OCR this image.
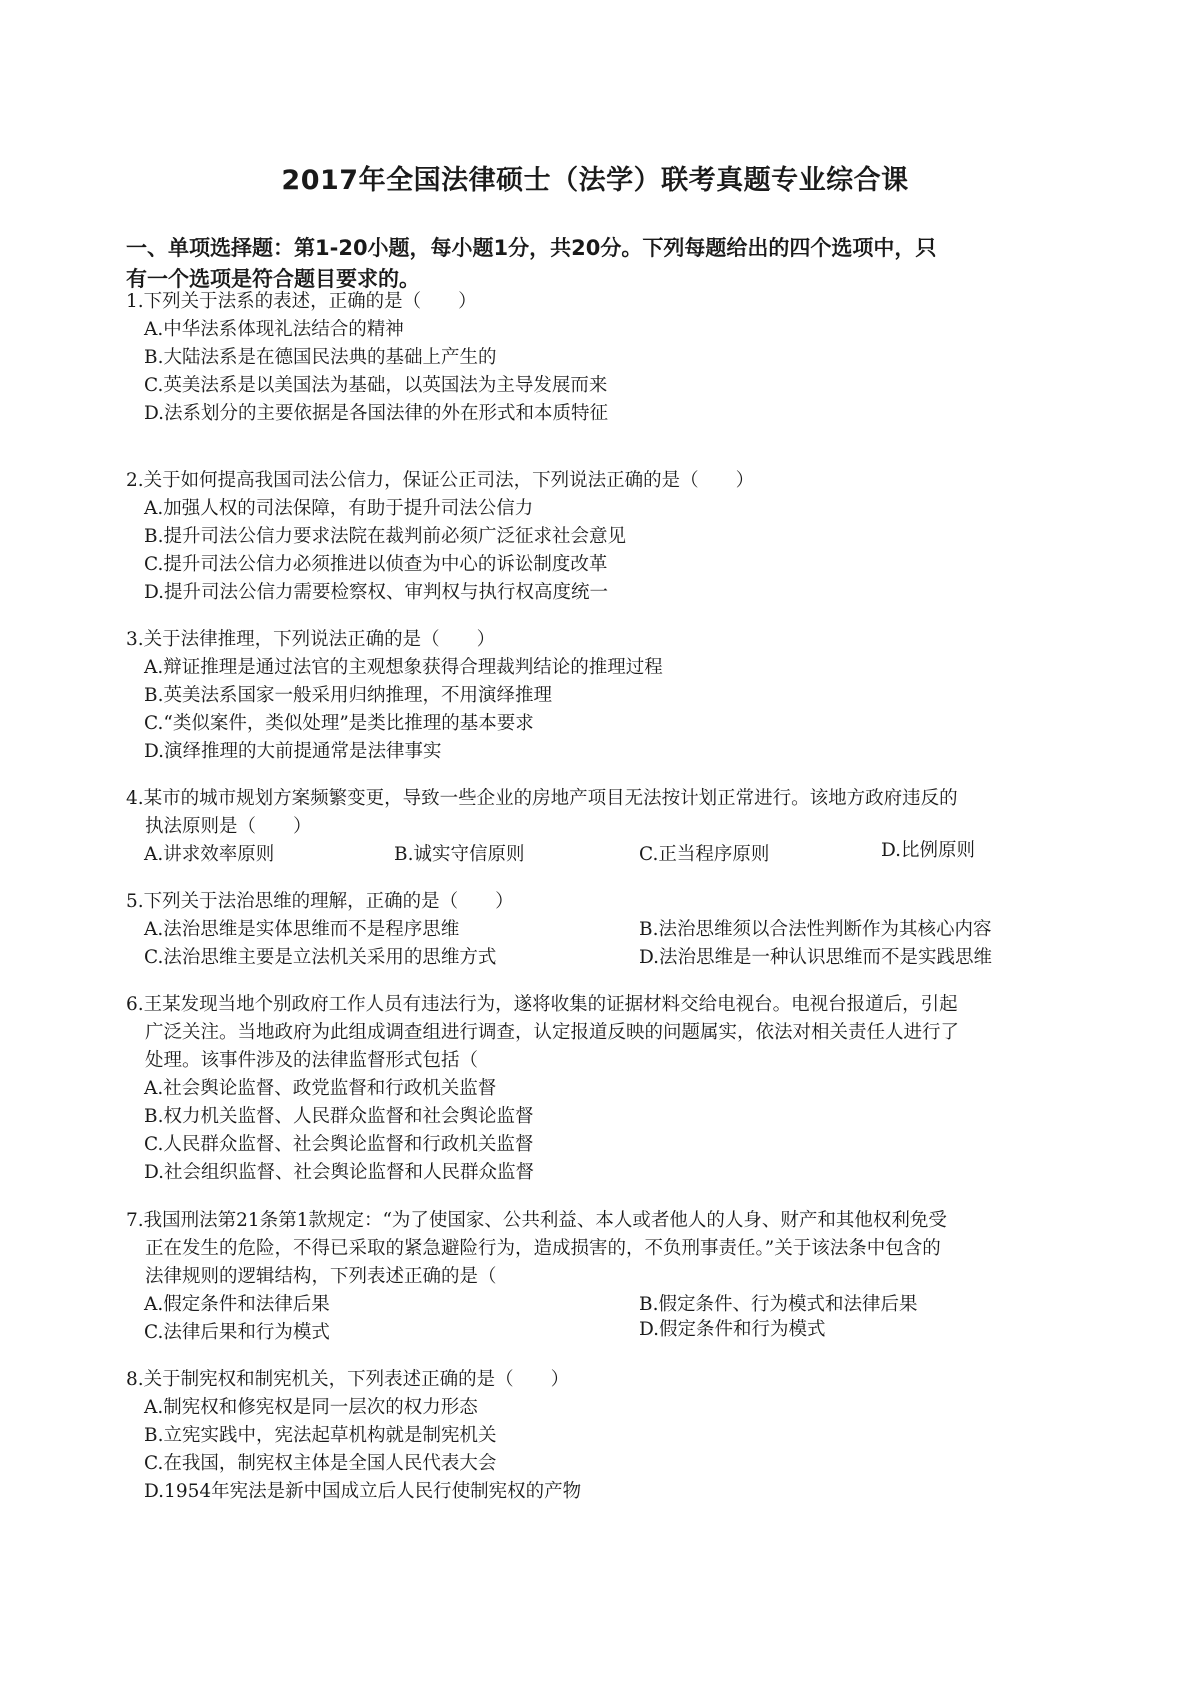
2017年全国法律硕士（法学）联考真题专业综合课
一、单项选择题：第1-20小题，每小题1分，共20分。下列每题给出的四个选项中，只
有一个选项是符合题目要求的。
1.下列关于法系的表述，正确的是（　　）
A.中华法系体现礼法结合的精神
B.大陆法系是在德国民法典的基础上产生的
C.英美法系是以美国法为基础，以英国法为主导发展而来
D.法系划分的主要依据是各国法律的外在形式和本质特征
2.关于如何提高我国司法公信力，保证公正司法，下列说法正确的是（　　）
A.加强人权的司法保障，有助于提升司法公信力
B.提升司法公信力要求法院在裁判前必须广泛征求社会意见
C.提升司法公信力必须推进以侦查为中心的诉讼制度改革
D.提升司法公信力需要检察权、审判权与执行权高度统一
3.关于法律推理，下列说法正确的是（　　）
A.辩证推理是通过法官的主观想象获得合理裁判结论的推理过程
B.英美法系国家一般采用归纳推理，不用演绎推理
C.“类似案件，类似处理”是类比推理的基本要求
D.演绎推理的大前提通常是法律事实
4.某市的城市规划方案频繁变更，导致一些企业的房地产项目无法按计划正常进行。该地方政府违反的
执法原则是（　　）
A.讲求效率原则	B.诚实守信原则	C.正当程序原则	D.比例原则
5.下列关于法治思维的理解，正确的是（　　）
A.法治思维是实体思维而不是程序思维	B.法治思维须以合法性判断作为其核心内容
C.法治思维主要是立法机关采用的思维方式	D.法治思维是一种认识思维而不是实践思维
6.王某发现当地个别政府工作人员有违法行为，遂将收集的证据材料交给电视台。电视台报道后，引起
广泛关注。当地政府为此组成调查组进行调查，认定报道反映的问题属实，依法对相关责任人进行了
处理。该事件涉及的法律监督形式包括（
A.社会舆论监督、政党监督和行政机关监督
B.权力机关监督、人民群众监督和社会舆论监督
C.人民群众监督、社会舆论监督和行政机关监督
D.社会组织监督、社会舆论监督和人民群众监督
7.我国刑法第21条第1款规定：“为了使国家、公共利益、本人或者他人的人身、财产和其他权利免受
正在发生的危险，不得已采取的紧急避险行为，造成损害的，不负刑事责任。”关于该法条中包含的
法律规则的逻辑结构，下列表述正确的是（
A.假定条件和法律后果	B.假定条件、行为模式和法律后果
C.法律后果和行为模式	D.假定条件和行为模式
8.关于制宪权和制宪机关，下列表述正确的是（　　）
A.制宪权和修宪权是同一层次的权力形态
B.立宪实践中，宪法起草机构就是制宪机关
C.在我国，制宪权主体是全国人民代表大会
D.1954年宪法是新中国成立后人民行使制宪权的产物
